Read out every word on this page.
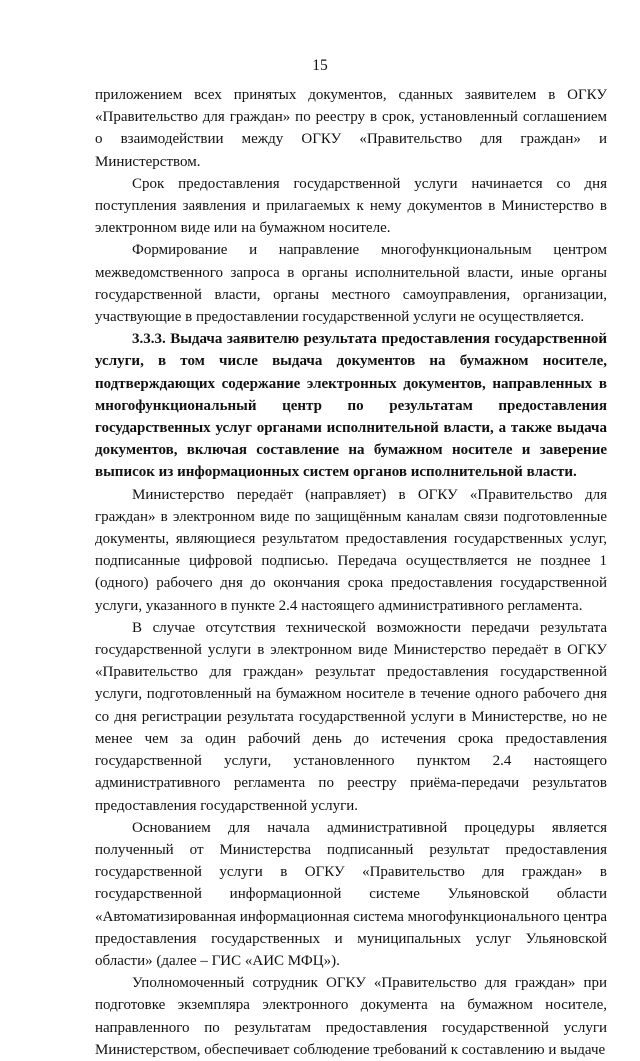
15

приложением всех принятых документов, сданных заявителем в ОГКУ «Правительство для граждан» по реестру в срок, установленный соглашением о взаимодействии между ОГКУ «Правительство для граждан» и Министерством.

Срок предоставления государственной услуги начинается со дня поступления заявления и прилагаемых к нему документов в Министерство в электронном виде или на бумажном носителе.

Формирование и направление многофункциональным центром межведомственного запроса в органы исполнительной власти, иные органы государственной власти, органы местного самоуправления, организации, участвующие в предоставлении государственной услуги не осуществляется.

3.3.3. Выдача заявителю результата предоставления государственной услуги, в том числе выдача документов на бумажном носителе, подтверждающих содержание электронных документов, направленных в многофункциональный центр по результатам предоставления государственных услуг органами исполнительной власти, а также выдача документов, включая составление на бумажном носителе и заверение выписок из информационных систем органов исполнительной власти.

Министерство передаёт (направляет) в ОГКУ «Правительство для граждан» в электронном виде по защищённым каналам связи подготовленные документы, являющиеся результатом предоставления государственных услуг, подписанные цифровой подписью. Передача осуществляется не позднее 1 (одного) рабочего дня до окончания срока предоставления государственной услуги, указанного в пункте 2.4 настоящего административного регламента.

В случае отсутствия технической возможности передачи результата государственной услуги в электронном виде Министерство передаёт в ОГКУ «Правительство для граждан» результат предоставления государственной услуги, подготовленный на бумажном носителе в течение одного рабочего дня со дня регистрации результата государственной услуги в Министерстве, но не менее чем за один рабочий день до истечения срока предоставления государственной услуги, установленного пунктом 2.4 настоящего административного регламента по реестру приёма-передачи результатов предоставления государственной услуги.

Основанием для начала административной процедуры является полученный от Министерства подписанный результат предоставления государственной услуги в ОГКУ «Правительство для граждан» в государственной информационной системе Ульяновской области «Автоматизированная информационная система многофункционального центра предоставления государственных и муниципальных услуг Ульяновской области» (далее – ГИС «АИС МФЦ»).

Уполномоченный сотрудник ОГКУ «Правительство для граждан» при подготовке экземпляра электронного документа на бумажном носителе, направленного по результатам предоставления государственной услуги Министерством, обеспечивает соблюдение требований к составлению и выдаче
